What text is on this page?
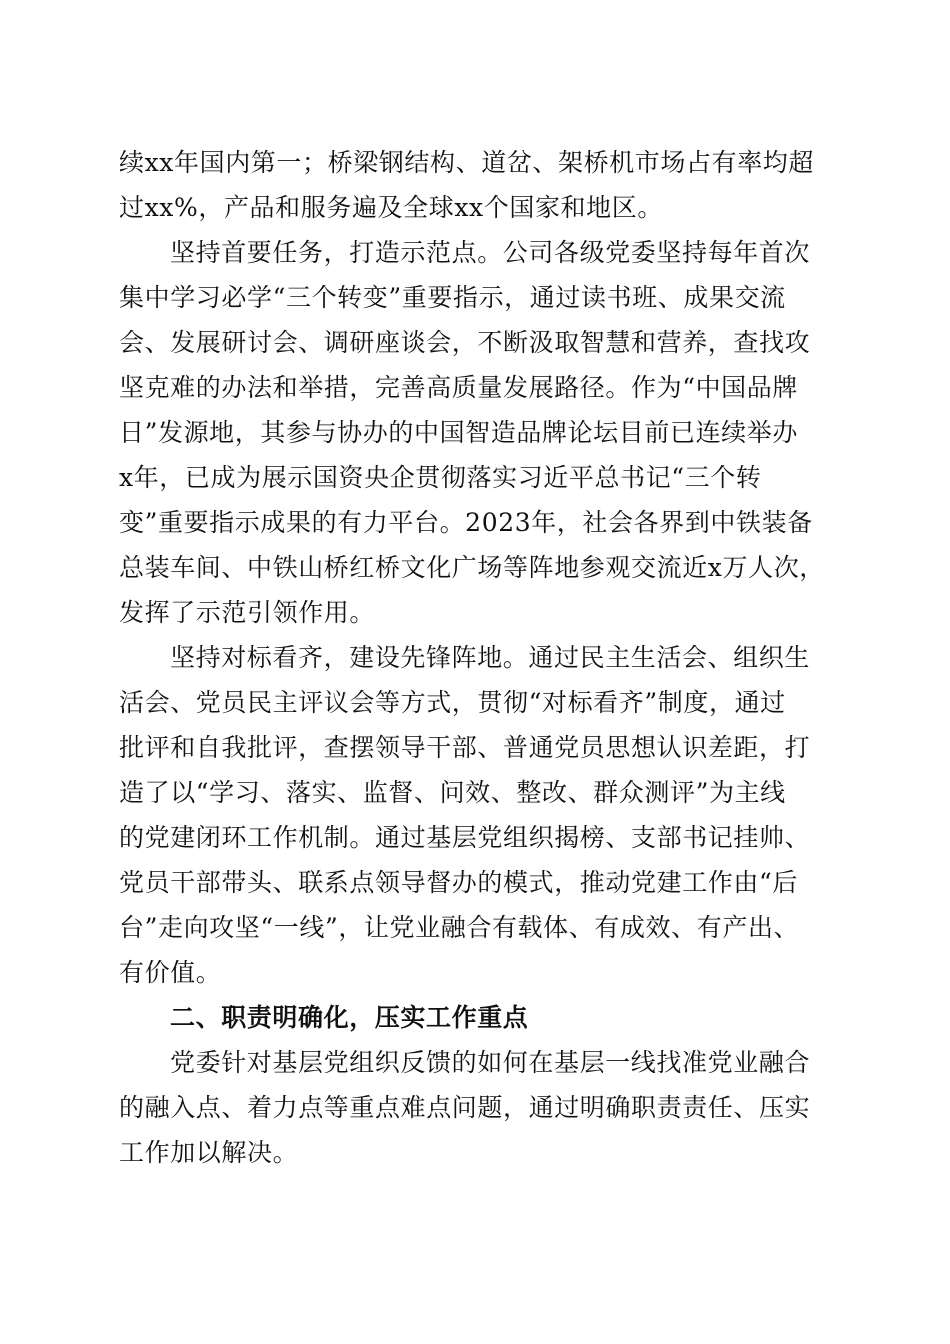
续xx年国内第一；桥梁钢结构、道岔、架桥机市场占有率均超
过xx%，产品和服务遍及全球xx个国家和地区。
坚持首要任务，打造示范点。公司各级党委坚持每年首次
集中学习必学“三个转变”重要指示，通过读书班、成果交流
会、发展研讨会、调研座谈会，不断汲取智慧和营养，查找攻
坚克难的办法和举措，完善高质量发展路径。作为“中国品牌
日”发源地，其参与协办的中国智造品牌论坛目前已连续举办
x年，已成为展示国资央企贯彻落实习近平总书记“三个转
变”重要指示成果的有力平台。2023年，社会各界到中铁装备
总装车间、中铁山桥红桥文化广场等阵地参观交流近x万人次，
发挥了示范引领作用。
坚持对标看齐，建设先锋阵地。通过民主生活会、组织生
活会、党员民主评议会等方式，贯彻“对标看齐”制度，通过
批评和自我批评，查摆领导干部、普通党员思想认识差距，打
造了以“学习、落实、监督、问效、整改、群众测评”为主线
的党建闭环工作机制。通过基层党组织揭榜、支部书记挂帅、
党员干部带头、联系点领导督办的模式，推动党建工作由“后
台”走向攻坚“一线”，让党业融合有载体、有成效、有产出、
有价值。
二、职责明确化，压实工作重点
党委针对基层党组织反馈的如何在基层一线找准党业融合
的融入点、着力点等重点难点问题，通过明确职责责任、压实
工作加以解决。
